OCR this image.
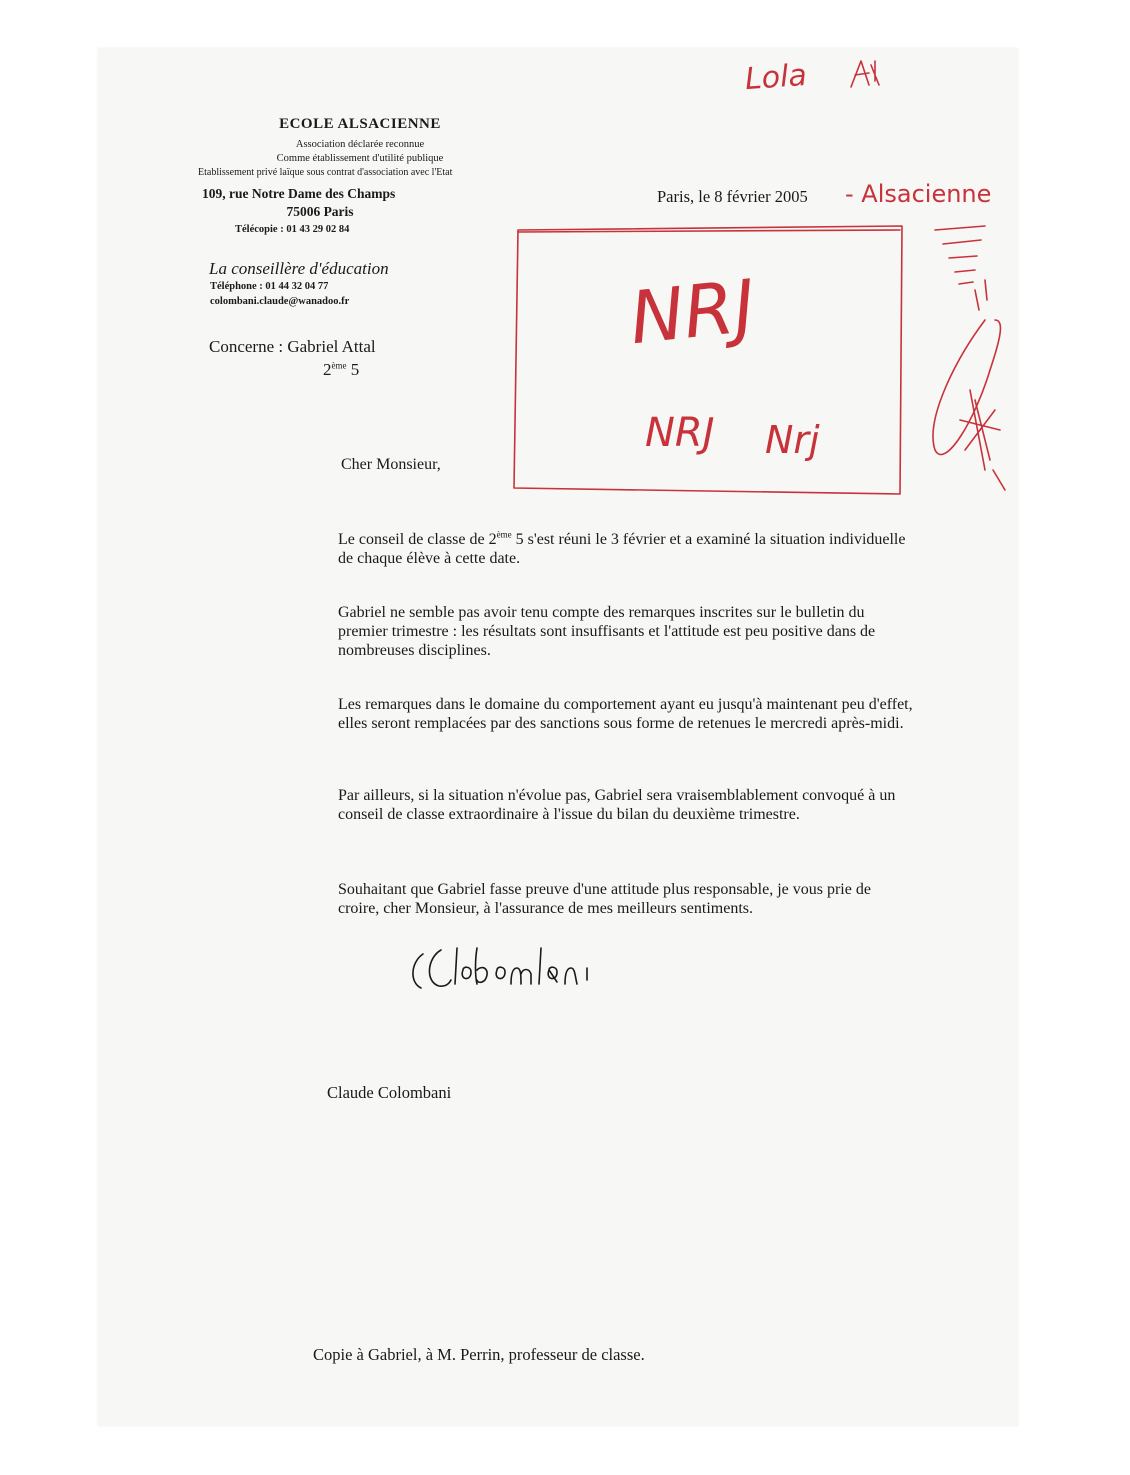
ECOLE ALSACIENNE
Association déclarée reconnue
Comme établissement d'utilité publique
Etablissement privé laïque sous contrat d'association avec l'Etat
109, rue Notre Dame des Champs
75006 Paris
Télécopie : 01 43 29 02 84
La conseillère d'éducation
Téléphone : 01 44 32 04 77
colombani.claude@wanadoo.fr
Concerne : Gabriel Attal
2ème 5
Paris, le 8 février 2005
Cher Monsieur,
Le conseil de classe de 2ème 5 s'est réuni le 3 février et a examiné la situation individuelle de chaque élève à cette date.
Gabriel ne semble pas avoir tenu compte des remarques inscrites sur le bulletin du premier trimestre : les résultats sont insuffisants et l'attitude est peu positive dans de nombreuses disciplines.
Les remarques dans le domaine du comportement ayant eu jusqu'à maintenant peu d'effet, elles seront remplacées par des sanctions sous forme de retenues le mercredi après-midi.
Par ailleurs, si la situation n'évolue pas, Gabriel sera vraisemblablement convoqué à un conseil de classe extraordinaire à l'issue du bilan du deuxième trimestre.
Souhaitant que Gabriel fasse preuve d'une attitude plus responsable, je vous prie de croire, cher Monsieur, à l'assurance de mes meilleurs sentiments.
Claude Colombani
Copie à Gabriel, à M. Perrin, professeur de classe.
Lola
- Alsacienne
NRJ
NRJ Nrj
